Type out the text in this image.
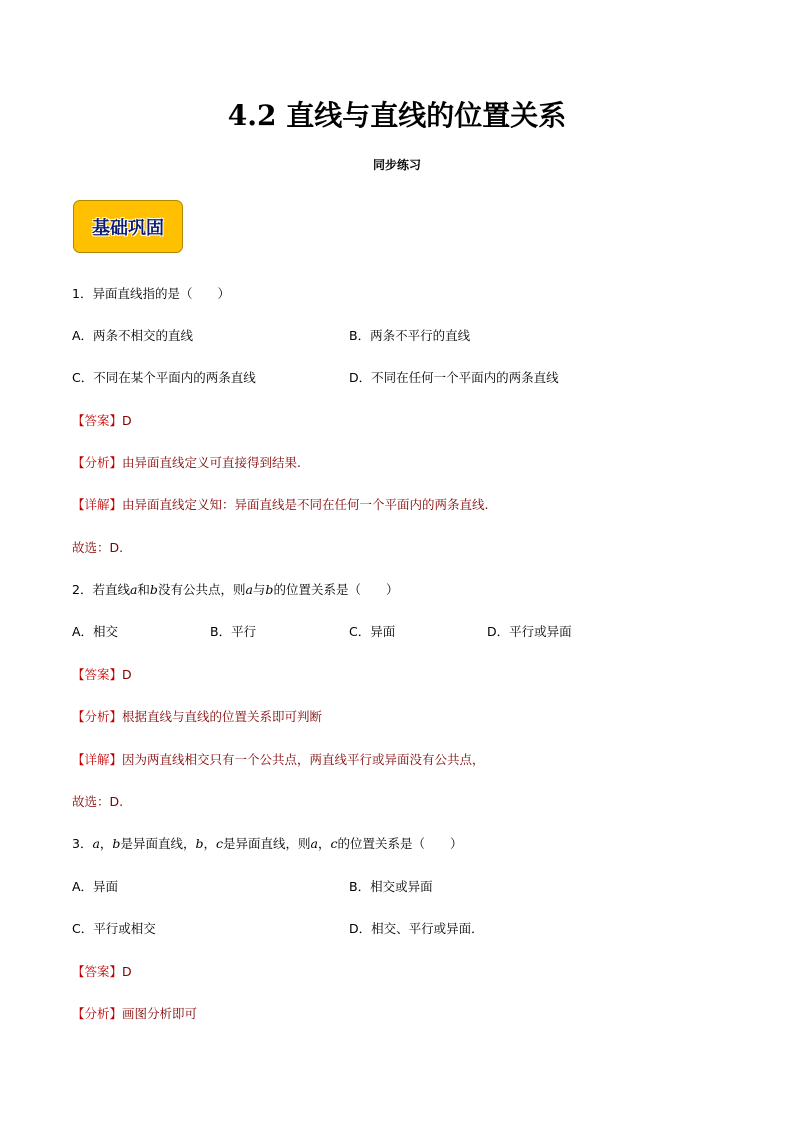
4.2 直线与直线的位置关系
同步练习
基础巩固
1．异面直线指的是（　　）
A．两条不相交的直线	B．两条不平行的直线
C．不同在某个平面内的两条直线	D．不同在任何一个平面内的两条直线
【答案】D
【分析】由异面直线定义可直接得到结果.
【详解】由异面直线定义知：异面直线是不同在任何一个平面内的两条直线.
故选：D.
2．若直线a和b没有公共点，则a与b的位置关系是（　　）
A．相交	B．平行	C．异面	D．平行或异面
【答案】D
【分析】根据直线与直线的位置关系即可判断
【详解】因为两直线相交只有一个公共点，两直线平行或异面没有公共点，
故选：D.
3．a，b是异面直线，b，c是异面直线，则a，c的位置关系是（　　）
A．异面	B．相交或异面
C．平行或相交	D．相交、平行或异面．
【答案】D
【分析】画图分析即可
